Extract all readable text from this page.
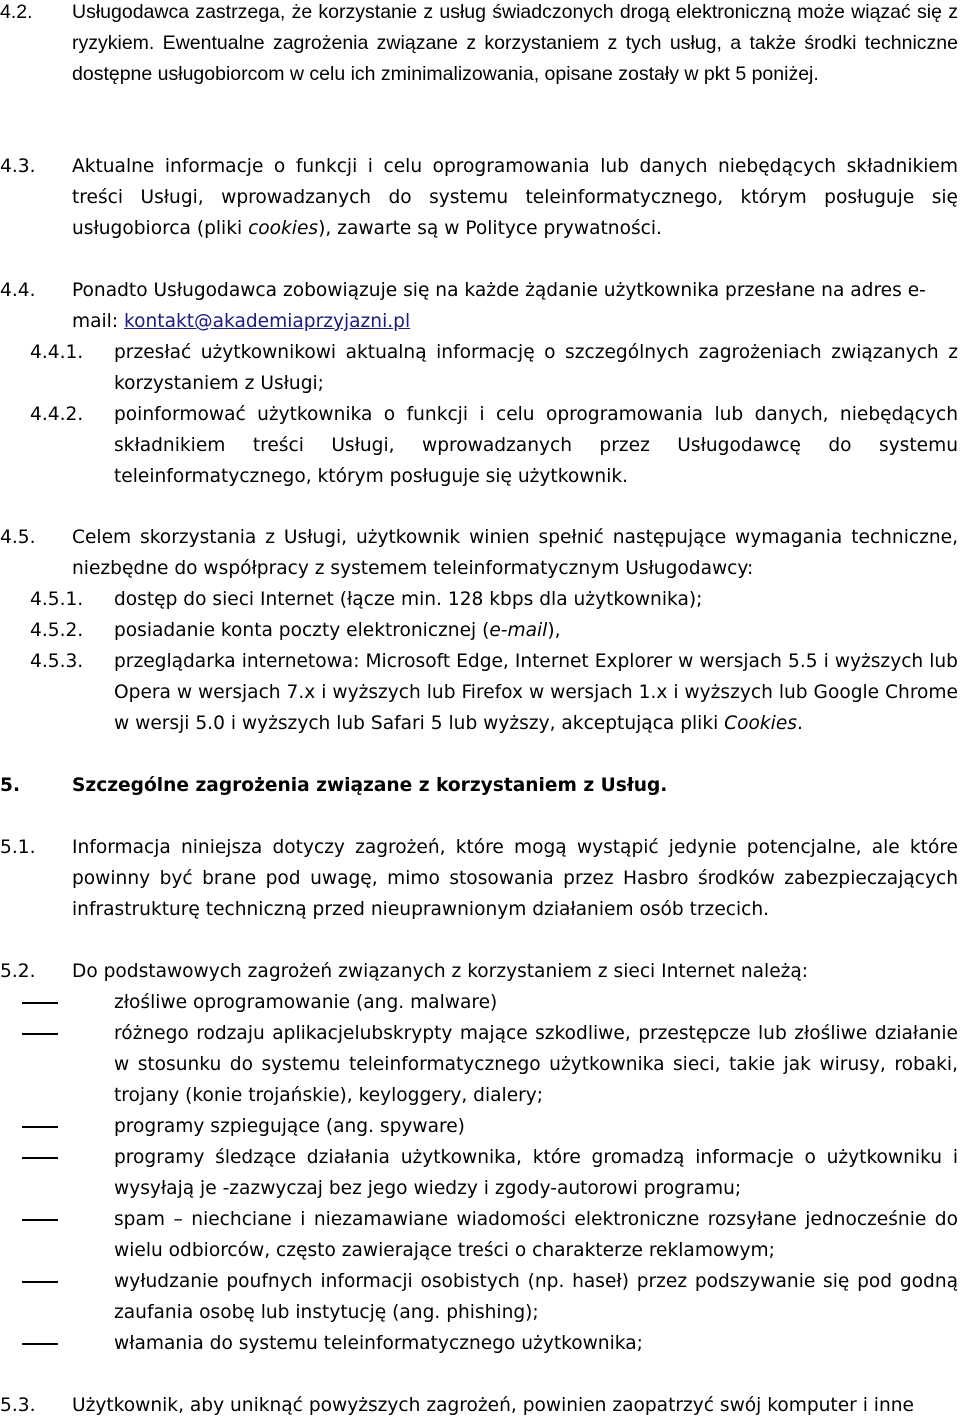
4.2. Usługodawca zastrzega, że korzystanie z usług świadczonych drogą elektroniczną może wiązać się z ryzykiem. Ewentualne zagrożenia związane z korzystaniem z tych usług, a także środki techniczne dostępne usługobiorcom w celu ich zminimalizowania, opisane zostały w pkt 5 poniżej.
4.3. Aktualne informacje o funkcji i celu oprogramowania lub danych niebędących składnikiem treści Usługi, wprowadzanych do systemu teleinformatycznego, którym posługuje się usługobiorca (pliki cookies), zawarte są w Polityce prywatności.
4.4. Ponadto Usługodawca zobowiązuje się na każde żądanie użytkownika przesłane na adres e-mail: kontakt@akademiaprzyjazni.pl
4.4.1. przesłać użytkownikowi aktualną informację o szczególnych zagrożeniach związanych z korzystaniem z Usługi;
4.4.2. poinformować użytkownika o funkcji i celu oprogramowania lub danych, niebędących składnikiem treści Usługi, wprowadzanych przez Usługodawcę do systemu teleinformatycznego, którym posługuje się użytkownik.
4.5. Celem skorzystania z Usługi, użytkownik winien spełnić następujące wymagania techniczne, niezbędne do współpracy z systemem teleinformatycznym Usługodawcy:
4.5.1. dostęp do sieci Internet (łącze min. 128 kbps dla użytkownika);
4.5.2. posiadanie konta poczty elektronicznej (e-mail),
4.5.3. przeglądarka internetowa: Microsoft Edge, Internet Explorer w wersjach 5.5 i wyższych lub Opera w wersjach 7.x i wyższych lub Firefox w wersjach 1.x i wyższych lub Google Chrome w wersji 5.0 i wyższych lub Safari 5 lub wyższy, akceptująca pliki Cookies.
5.	Szczególne zagrożenia związane z korzystaniem z Usług.
5.1. Informacja niniejsza dotyczy zagrożeń, które mogą wystąpić jedynie potencjalne, ale które powinny być brane pod uwagę, mimo stosowania przez Hasbro środków zabezpieczających infrastrukturę techniczną przed nieuprawnionym działaniem osób trzecich.
5.2. Do podstawowych zagrożeń związanych z korzystaniem z sieci Internet należą:
złośliwe oprogramowanie (ang. malware)
różnego rodzaju aplikacjelubskrypty mające szkodliwe, przestępcze lub złośliwe działanie w stosunku do systemu teleinformatycznego użytkownika sieci, takie jak wirusy, robaki, trojany (konie trojańskie), keyloggery, dialery;
programy szpiegujące (ang. spyware)
programy śledzące działania użytkownika, które gromadzą informacje o użytkowniku i wysyłają je -zazwyczaj bez jego wiedzy i zgody-autorowi programu;
spam – niechciane i niezamawiane wiadomości elektroniczne rozsyłane jednocześnie do wielu odbiorców, często zawierające treści o charakterze reklamowym;
wyłudzanie poufnych informacji osobistych (np. haseł) przez podszywanie się pod godną zaufania osobę lub instytucję (ang. phishing);
włamania do systemu teleinformatycznego użytkownika;
5.3. Użytkownik, aby uniknąć powyższych zagrożeń, powinien zaopatrzyć swój komputer i inne
